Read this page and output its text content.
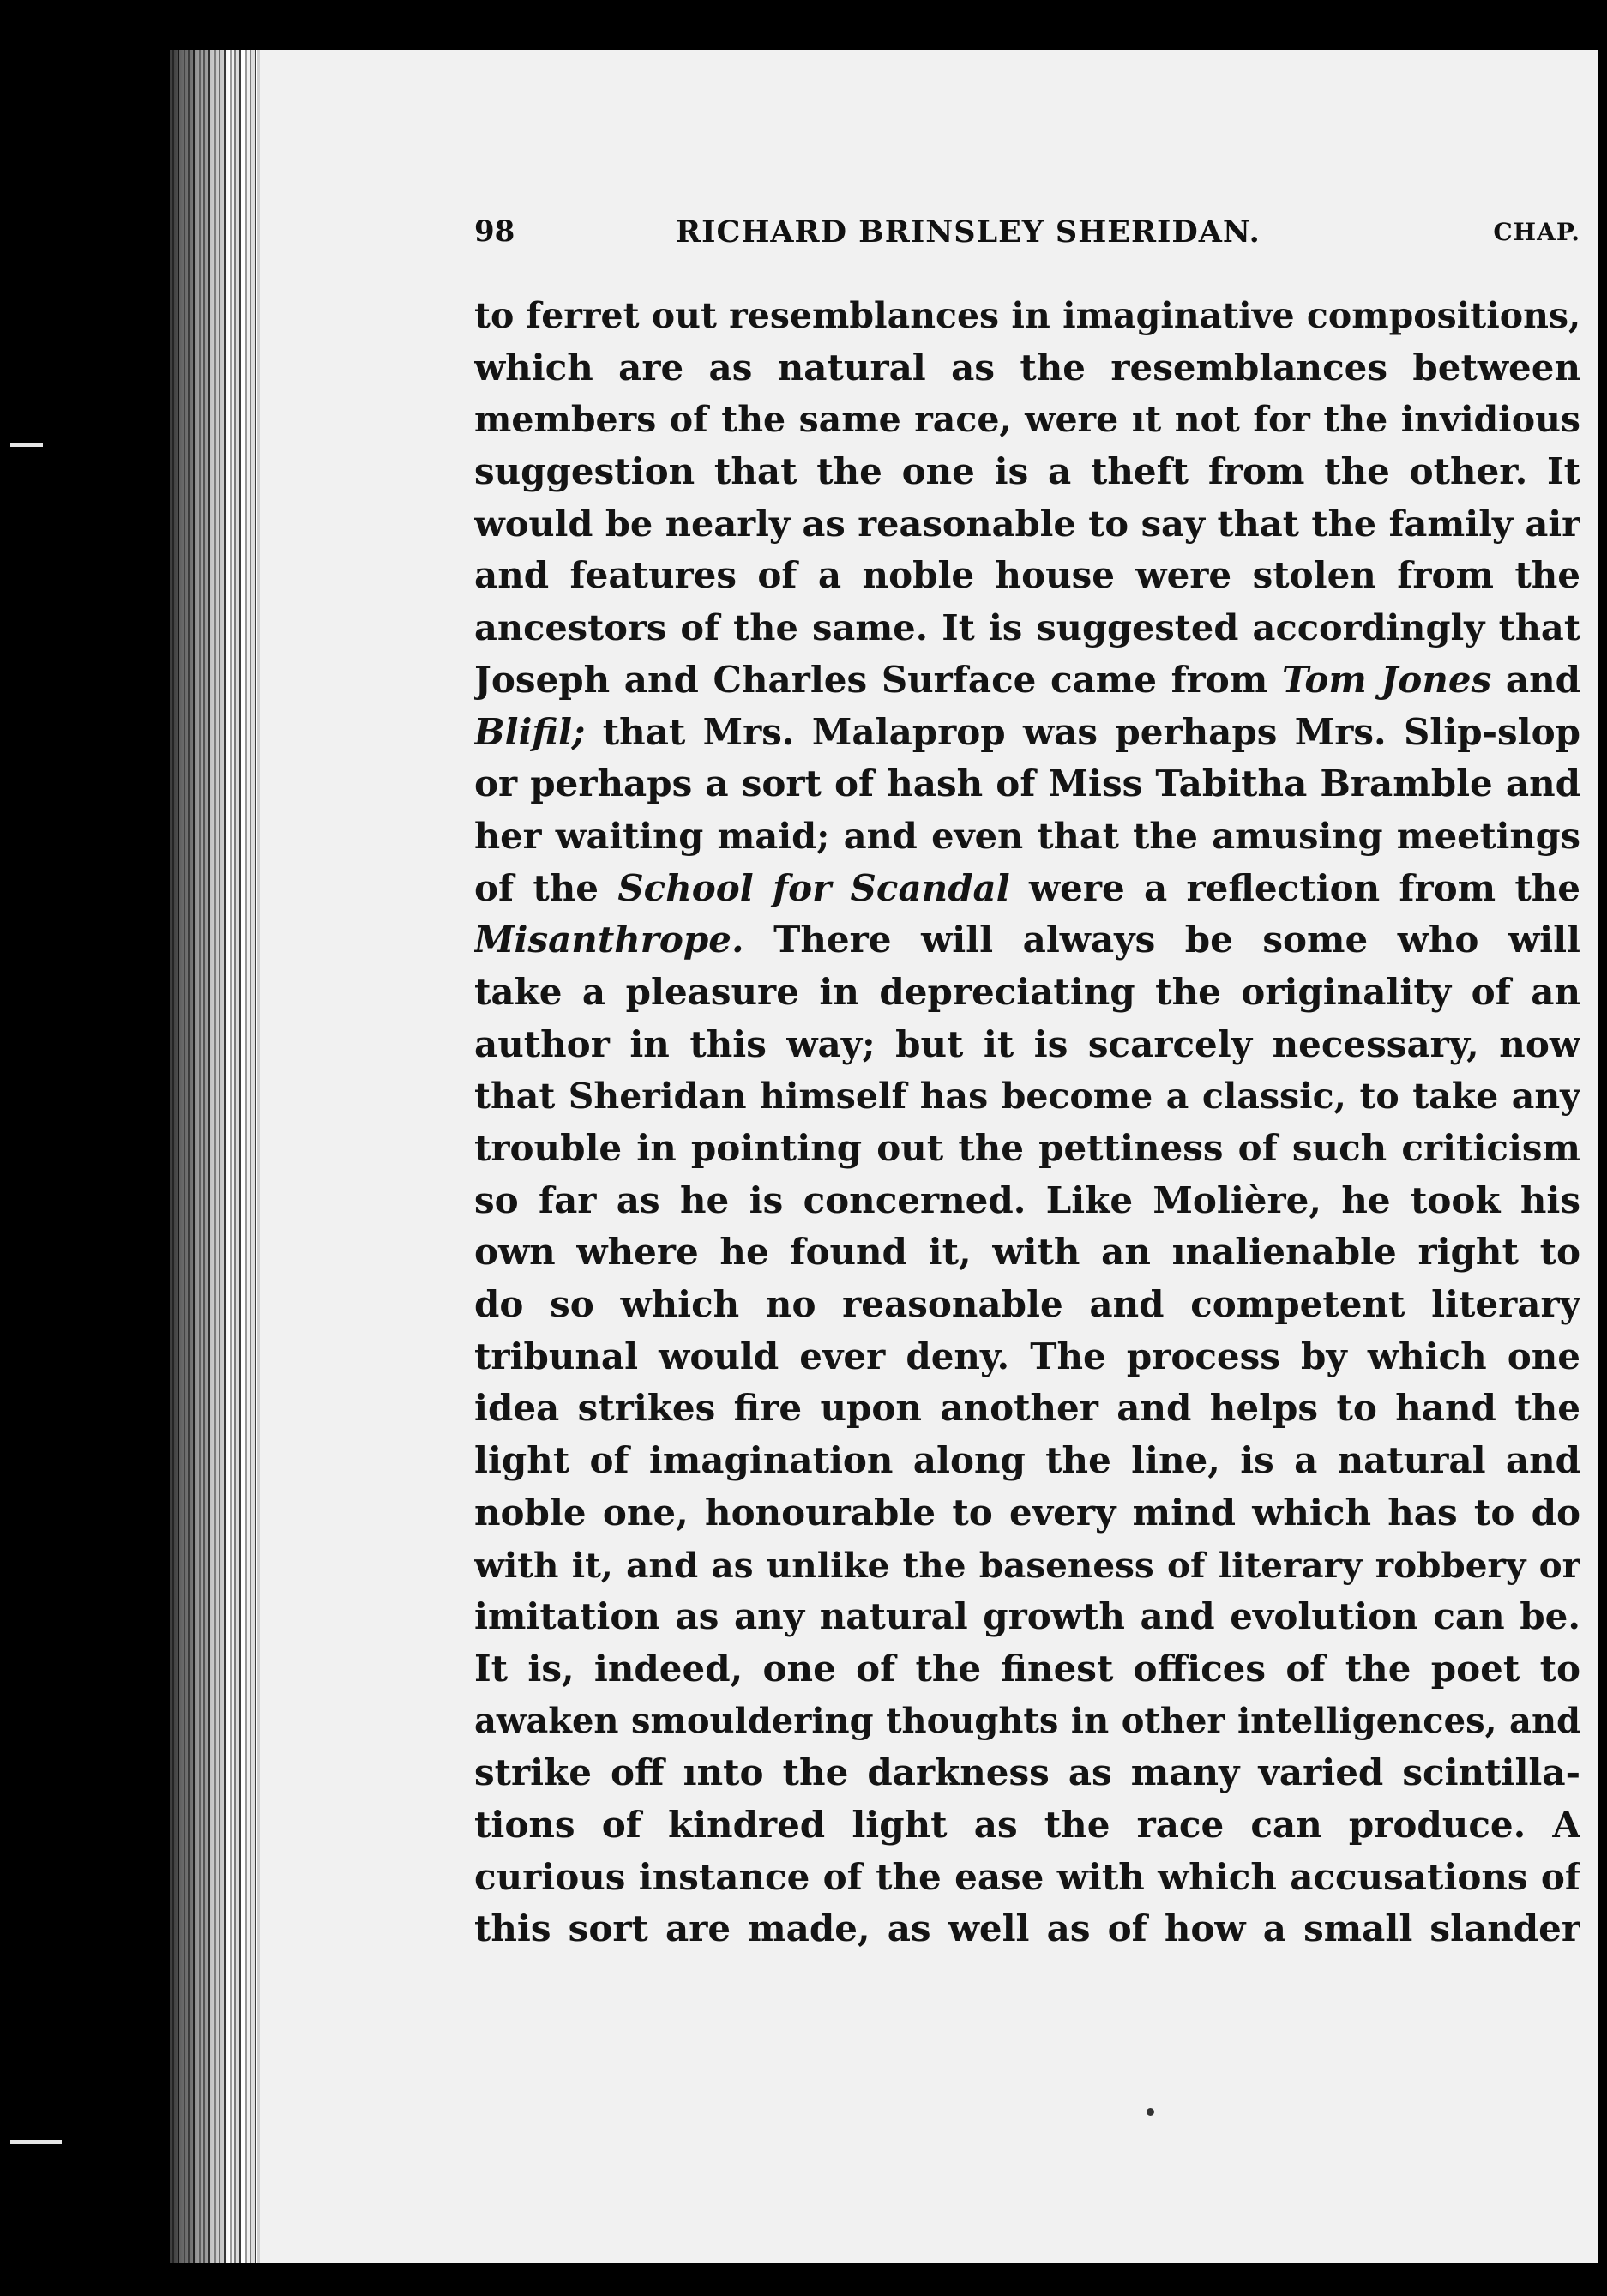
98	RICHARD BRINSLEY SHERIDAN.	CHAP.
to ferret out resemblances in imaginative compositions,
which are as natural as the resemblances between
members of the same race, were ıt not for the invidious
suggestion that the one is a theft from the other. It
would be nearly as reasonable to say that the family air
and features of a noble house were stolen from the
ancestors of the same. It is suggested accordingly that
Joseph and Charles Surface came from Tom Jones and
Blifil; that Mrs. Malaprop was perhaps Mrs. Slip-slop
or perhaps a sort of hash of Miss Tabitha Bramble and
her waiting maid; and even that the amusing meetings
of the School for Scandal were a reflection from the
Misanthrope. There will always be some who will
take a pleasure in depreciating the originality of an
author in this way; but it is scarcely necessary, now
that Sheridan himself has become a classic, to take any
trouble in pointing out the pettiness of such criticism
so far as he is concerned. Like Molière, he took his
own where he found it, with an ınalienable right to
do so which no reasonable and competent literary
tribunal would ever deny. The process by which one
idea strikes fire upon another and helps to hand the
light of imagination along the line, is a natural and
noble one, honourable to every mind which has to do
with it, and as unlike the baseness of literary robbery or
imitation as any natural growth and evolution can be.
It is, indeed, one of the finest offices of the poet to
awaken smouldering thoughts in other intelligences, and
strike off ınto the darkness as many varied scintilla-
tions of kindred light as the race can produce. A
curious instance of the ease with which accusations of
this sort are made, as well as of how a small slander
